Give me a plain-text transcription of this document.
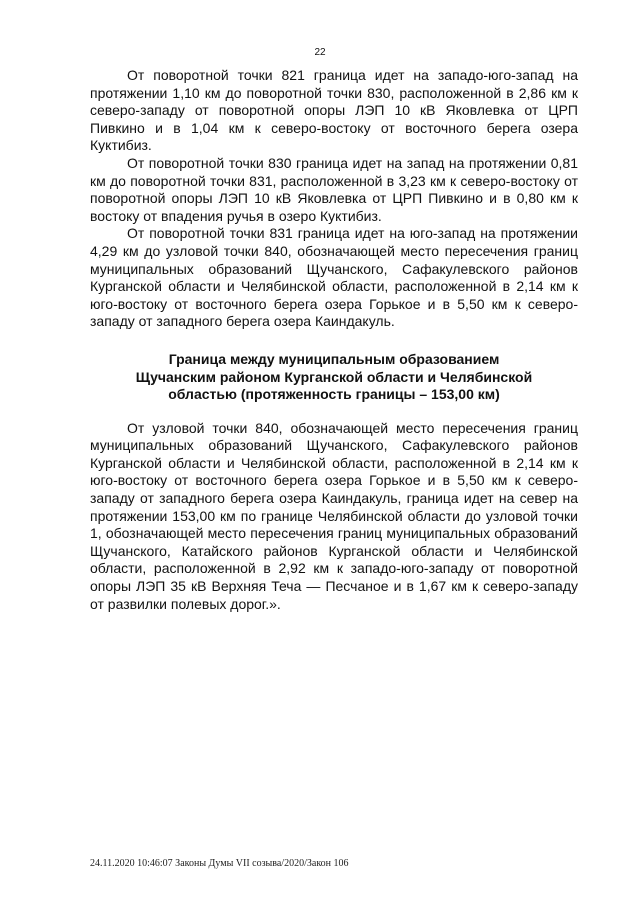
22

От поворотной точки 821 граница идет на западо-юго-запад на протяжении 1,10 км до поворотной точки 830, расположенной в 2,86 км к северо-западу от поворотной опоры ЛЭП 10 кВ Яковлевка от ЦРП Пивкино и в 1,04 км к северо-востоку от восточного берега озера Куктибиз.

От поворотной точки 830 граница идет на запад на протяжении 0,81 км до поворотной точки 831, расположенной в 3,23 км к северо-востоку от поворотной опоры ЛЭП 10 кВ Яковлевка от ЦРП Пивкино и в 0,80 км к востоку от впадения ручья в озеро Куктибиз.

От поворотной точки 831 граница идет на юго-запад на протяжении 4,29 км до узловой точки 840, обозначающей место пересечения границ муниципальных образований Щучанского, Сафакулевского районов Курганской области и Челябинской области, расположенной в 2,14 км к юго-востоку от восточного берега озера Горькое и в 5,50 км к северо-западу от западного берега озера Каиндакуль.

Граница между муниципальным образованием
Щучанским районом Курганской области и Челябинской
областью (протяженность границы – 153,00 км)

От узловой точки 840, обозначающей место пересечения границ муниципальных образований Щучанского, Сафакулевского районов Курганской области и Челябинской области, расположенной в 2,14 км к юго-востоку от восточного берега озера Горькое и в 5,50 км к северо-западу от западного берега озера Каиндакуль, граница идет на север на протяжении 153,00 км по границе Челябинской области до узловой точки 1, обозначающей место пересечения границ муниципальных образований Щучанского, Катайского районов Курганской области и Челябинской области, расположенной в 2,92 км к западо-юго-западу от поворотной опоры ЛЭП 35 кВ Верхняя Теча — Песчаное и в 1,67 км к северо-западу от развилки полевых дорог.».

24.11.2020 10:46:07 Законы Думы VII созыва/2020/Закон 106
